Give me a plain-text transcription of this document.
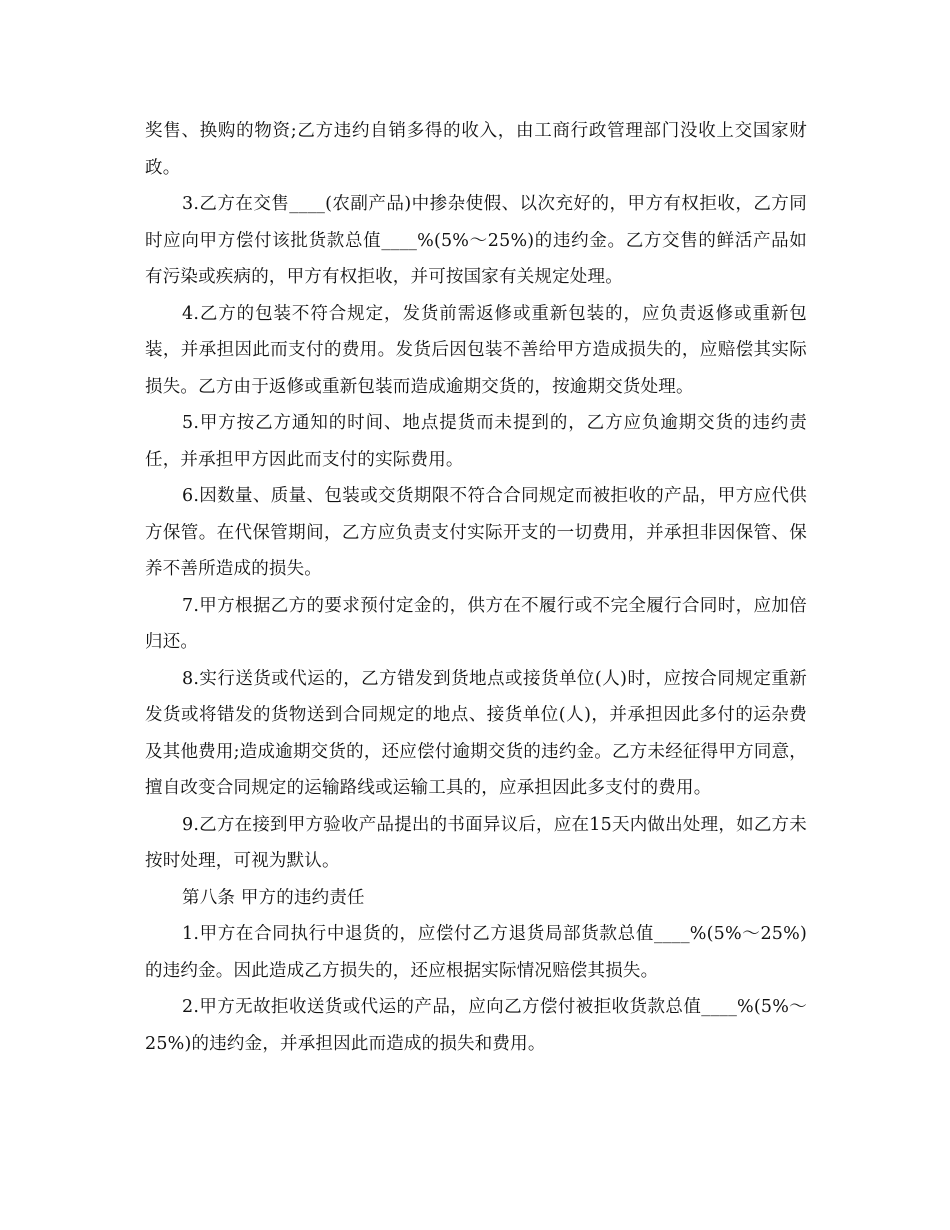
奖售、换购的物资;乙方违约自销多得的收入，由工商行政管理部门没收上交国家财政。

3.乙方在交售____(农副产品)中掺杂使假、以次充好的，甲方有权拒收，乙方同时应向甲方偿付该批货款总值____%(5%～25%)的违约金。乙方交售的鲜活产品如有污染或疾病的，甲方有权拒收，并可按国家有关规定处理。

4.乙方的包装不符合规定，发货前需返修或重新包装的，应负责返修或重新包装，并承担因此而支付的费用。发货后因包装不善给甲方造成损失的，应赔偿其实际损失。乙方由于返修或重新包装而造成逾期交货的，按逾期交货处理。

5.甲方按乙方通知的时间、地点提货而未提到的，乙方应负逾期交货的违约责任，并承担甲方因此而支付的实际费用。

6.因数量、质量、包装或交货期限不符合合同规定而被拒收的产品，甲方应代供方保管。在代保管期间，乙方应负责支付实际开支的一切费用，并承担非因保管、保养不善所造成的损失。

7.甲方根据乙方的要求预付定金的，供方在不履行或不完全履行合同时，应加倍归还。

8.实行送货或代运的，乙方错发到货地点或接货单位(人)时，应按合同规定重新发货或将错发的货物送到合同规定的地点、接货单位(人)，并承担因此多付的运杂费及其他费用;造成逾期交货的，还应偿付逾期交货的违约金。乙方未经征得甲方同意，擅自改变合同规定的运输路线或运输工具的，应承担因此多支付的费用。

9.乙方在接到甲方验收产品提出的书面异议后，应在15天内做出处理，如乙方未按时处理，可视为默认。

第八条 甲方的违约责任

1.甲方在合同执行中退货的，应偿付乙方退货局部货款总值____%(5%～25%)的违约金。因此造成乙方损失的，还应根据实际情况赔偿其损失。

2.甲方无故拒收送货或代运的产品，应向乙方偿付被拒收货款总值____%(5%～25%)的违约金，并承担因此而造成的损失和费用。
